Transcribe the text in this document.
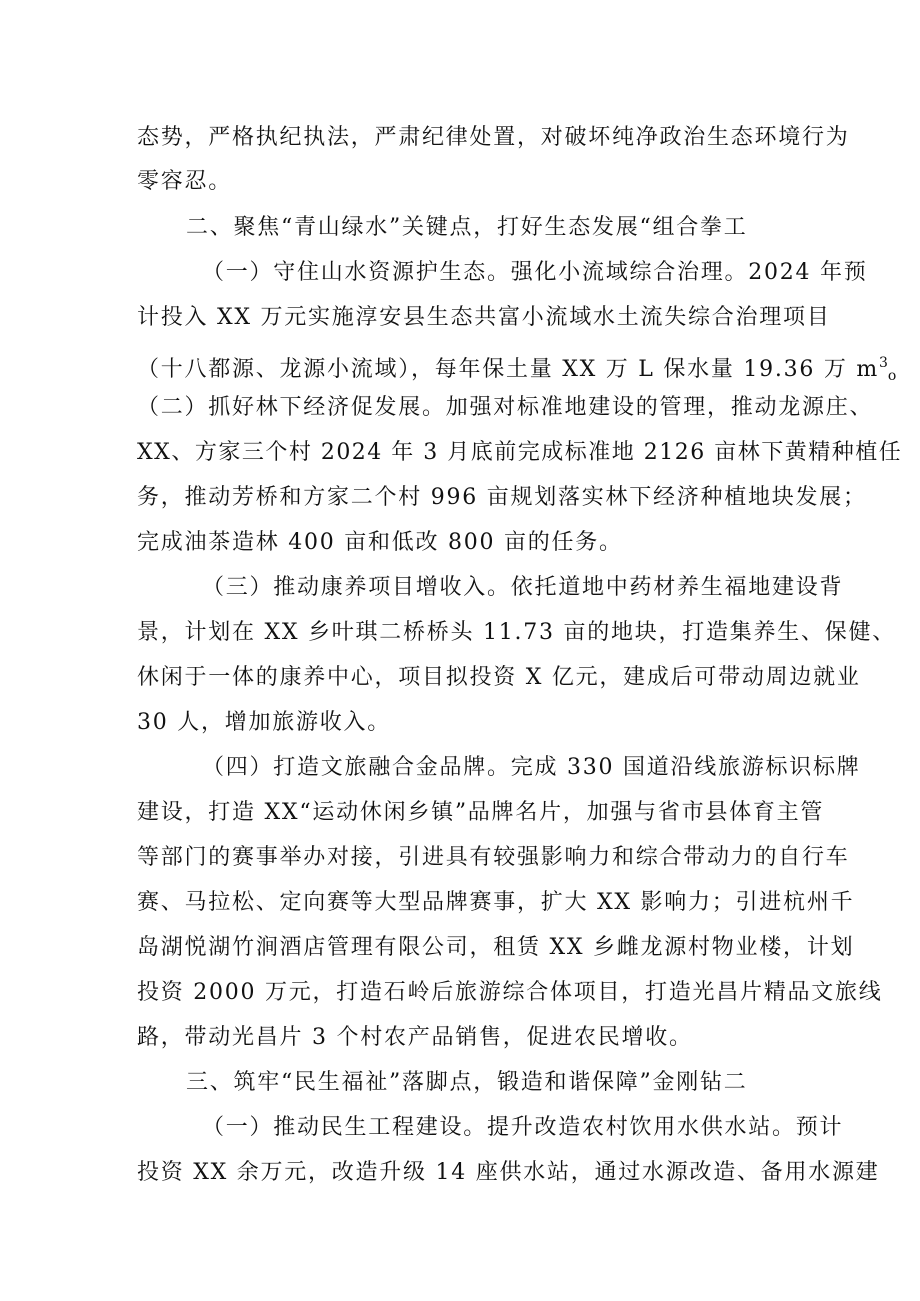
态势，严格执纪执法，严肃纪律处置，对破坏纯净政治生态环境行为
零容忍。
二、聚焦“青山绿水”关键点，打好生态发展“组合拳工
（一）守住山水资源护生态。强化小流域综合治理。2024 年预
计投入 XX 万元实施淳安县生态共富小流域水土流失综合治理项目
（十八都源、龙源小流域），每年保土量 XX 万 L 保水量 19.36 万 $m^3_o$
（二）抓好林下经济促发展。加强对标准地建设的管理，推动龙源庄、
XX、方家三个村 2024 年 3 月底前完成标准地 2126 亩林下黄精种植任
务，推动芳桥和方家二个村 996 亩规划落实林下经济种植地块发展；
完成油茶造林 400 亩和低改 800 亩的任务。
（三）推动康养项目增收入。依托道地中药材养生福地建设背
景，计划在 XX 乡叶琪二桥桥头 11.73 亩的地块，打造集养生、保健、
休闲于一体的康养中心，项目拟投资 X 亿元，建成后可带动周边就业
30 人，增加旅游收入。
（四）打造文旅融合金品牌。完成 330 国道沿线旅游标识标牌
建设，打造 XX“运动休闲乡镇”品牌名片，加强与省市县体育主管
等部门的赛事举办对接，引进具有较强影响力和综合带动力的自行车
赛、马拉松、定向赛等大型品牌赛事，扩大 XX 影响力；引进杭州千
岛湖悦湖竹涧酒店管理有限公司，租赁 XX 乡雌龙源村物业楼，计划
投资 2000 万元，打造石岭后旅游综合体项目，打造光昌片精品文旅线
路，带动光昌片 3 个村农产品销售，促进农民增收。
三、筑牢“民生福祉”落脚点，锻造和谐保障”金刚钻二
（一）推动民生工程建设。提升改造农村饮用水供水站。预计
投资 XX 余万元，改造升级 14 座供水站，通过水源改造、备用水源建
